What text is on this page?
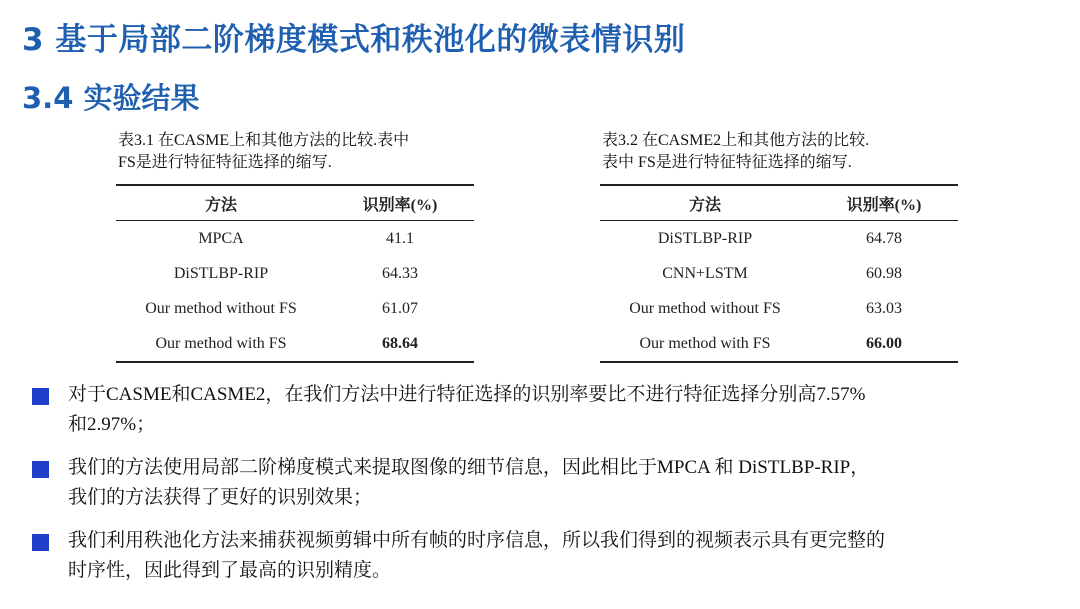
3 基于局部二阶梯度模式和秩池化的微表情识别
3.4 实验结果
表3.1 在CASME上和其他方法的比较.表中
FS是进行特征特征选择的缩写.
方法	识别率(%)
MPCA	41.1
DiSTLBP-RIP	64.33
Our method without FS	61.07
Our method with FS	68.64
表3.2 在CASME2上和其他方法的比较.
表中 FS是进行特征特征选择的缩写.
方法	识别率(%)
DiSTLBP-RIP	64.78
CNN+LSTM	60.98
Our method without FS	63.03
Our method with FS	66.00
对于CASME和CASME2，在我们方法中进行特征选择的识别率要比不进行特征选择分别高7.57%
和2.97%；
我们的方法使用局部二阶梯度模式来提取图像的细节信息，因此相比于MPCA 和 DiSTLBP-RIP，
我们的方法获得了更好的识别效果；
我们利用秩池化方法来捕获视频剪辑中所有帧的时序信息，所以我们得到的视频表示具有更完整的
时序性，因此得到了最高的识别精度。
